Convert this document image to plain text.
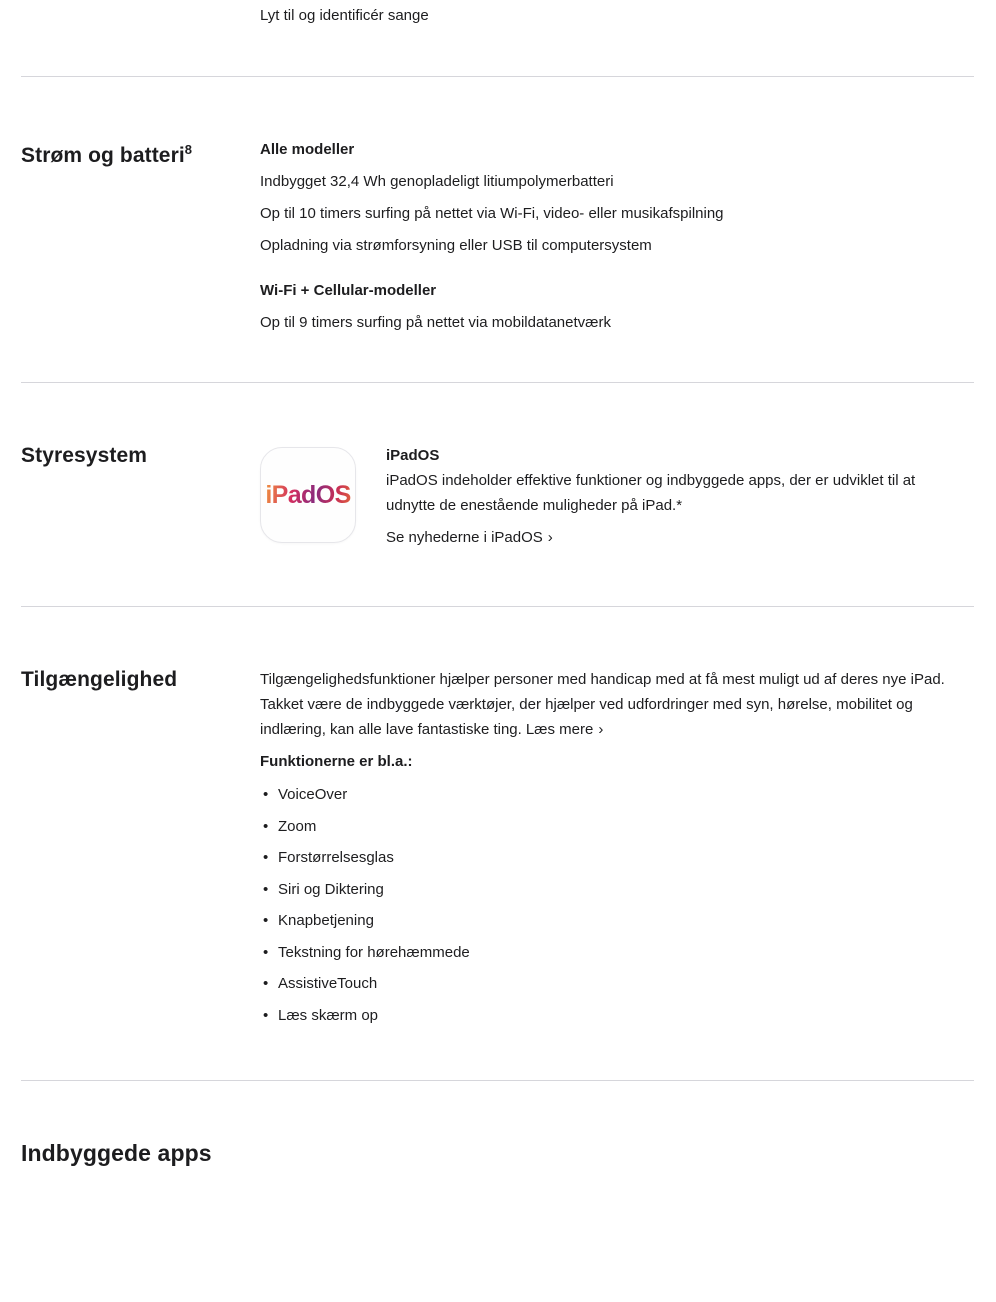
Lyt til og identificér sange

Strøm og batteri$^8$	Alle modeller

Indbygget 32,4 Wh genopladeligt litiumpolymerbatteri

Op til 10 timers surfing på nettet via Wi-Fi, video- eller musikafspilning

Opladning via strømforsyning eller USB til computersystem

Wi-Fi + Cellular-modeller

Op til 9 timers surfing på nettet via mobildatanetværk

Styresystem
iPadOS

iPadOS

iPadOS indeholder effektive funktioner og indbyggede apps, der er udviklet til at udnytte de enestående muligheder på iPad.*

Se nyhederne i iPadOS ›

Tilgængelighed	Tilgængelighedsfunktioner hjælper personer med handicap med at få mest muligt ud af deres nye iPad. Takket være de indbyggede værktøjer, der hjælper ved udfordringer med syn, hørelse, mobilitet og indlæring, kan alle lave fantastiske ting. Læs mere ›

Funktionerne er bl.a.:

• VoiceOver
• Zoom
• Forstørrelsesglas
• Siri og Diktering
• Knapbetjening
• Tekstning for hørehæmmede
• AssistiveTouch
• Læs skærm op
Indbyggede apps
